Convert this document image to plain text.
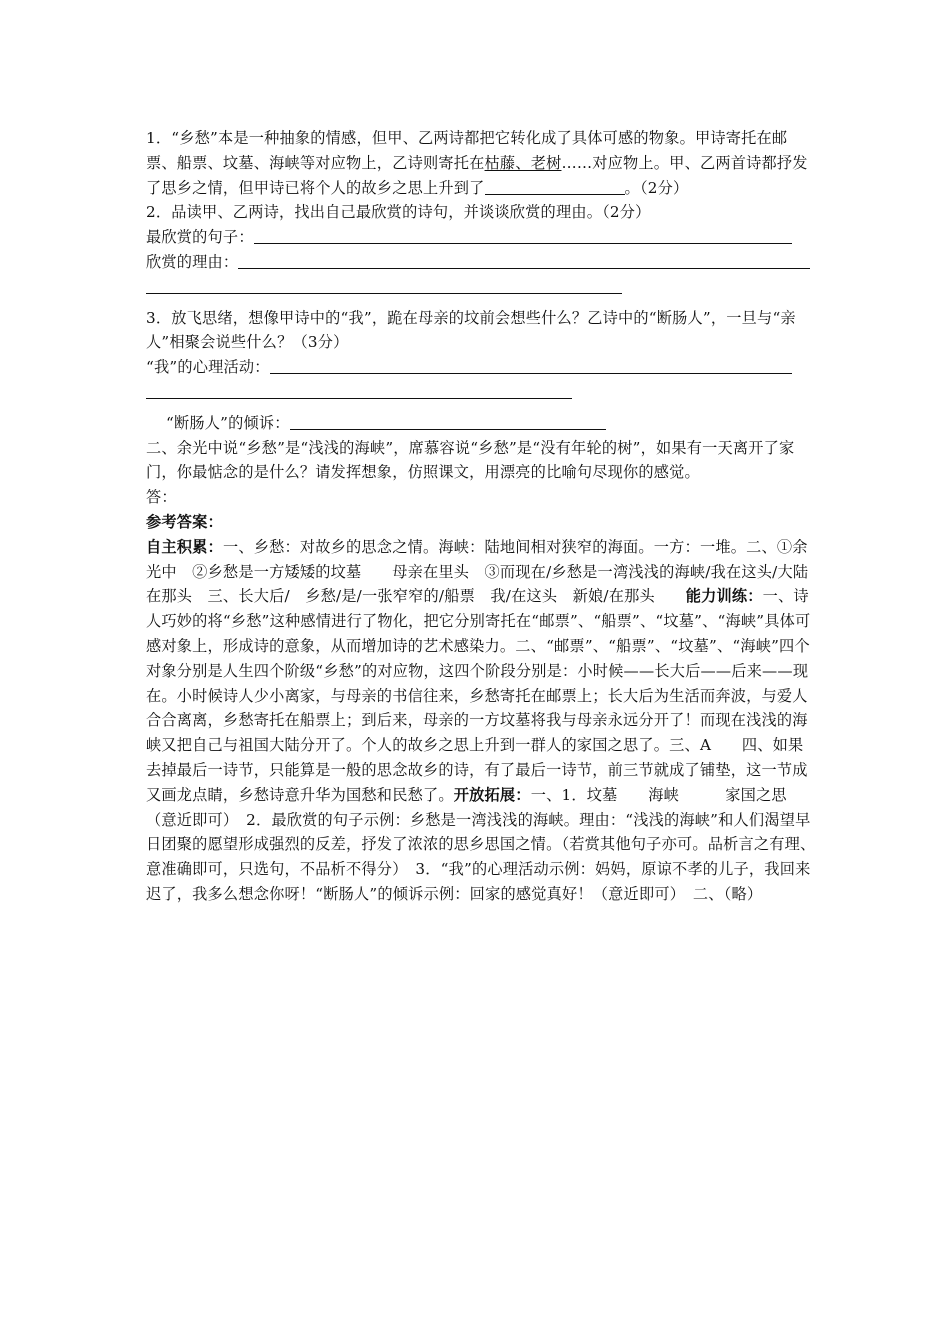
1．“乡愁”本是一种抽象的情感，但甲、乙两诗都把它转化成了具体可感的物象。甲诗寄托在邮票、船票、坟墓、海峡等对应物上，乙诗则寄托在枯藤、老树……对应物上。甲、乙两首诗都抒发了思乡之情，但甲诗已将个人的故乡之思上升到了	。（2分）
2．品读甲、乙两诗，找出自己最欣赏的诗句，并谈谈欣赏的理由。（2分）
最欣赏的句子：
欣赏的理由：
3．放飞思绪，想像甲诗中的“我”，跪在母亲的坟前会想些什么？乙诗中的“断肠人”，一旦与“亲人”相聚会说些什么？（3分）
“我”的心理活动：
“断肠人”的倾诉：
二、余光中说“乡愁”是“浅浅的海峡”，席慕容说“乡愁”是“没有年轮的树”，如果有一天离开了家门，你最惦念的是什么？请发挥想象，仿照课文，用漂亮的比喻句尽现你的感觉。
答：
参考答案：
自主积累：一、乡愁：对故乡的思念之情。海峡：陆地间相对狭窄的海面。一方：一堆。二、①余光中　②乡愁是一方矮矮的坟墓　　母亲在里头　③而现在/乡愁是一湾浅浅的海峡/我在这头/大陆在那头　三、长大后/　乡愁/是/一张窄窄的/船票　我/在这头　新娘/在那头　　能力训练：一、诗人巧妙的将“乡愁”这种感情进行了物化，把它分别寄托在“邮票”、“船票”、“坟墓”、“海峡”具体可感对象上，形成诗的意象，从而增加诗的艺术感染力。二、“邮票”、“船票”、“坟墓”、“海峡”四个对象分别是人生四个阶级“乡愁”的对应物，这四个阶段分别是：小时候——长大后——后来——现在。小时候诗人少小离家，与母亲的书信往来，乡愁寄托在邮票上；长大后为生活而奔波，与爱人合合离离，乡愁寄托在船票上；到后来，母亲的一方坟墓将我与母亲永远分开了！而现在浅浅的海峡又把自己与祖国大陆分开了。个人的故乡之思上升到一群人的家国之思了。三、A　　四、如果去掉最后一诗节，只能算是一般的思念故乡的诗，有了最后一诗节，前三节就成了铺垫，这一节成又画龙点睛，乡愁诗意升华为国愁和民愁了。开放拓展：一、1．坟墓　　海峡　　　家国之思（意近即可）　2．最欣赏的句子示例：乡愁是一湾浅浅的海峡。理由：“浅浅的海峡”和人们渴望早日团聚的愿望形成强烈的反差，抒发了浓浓的思乡思国之情。（若赏其他句子亦可。品析言之有理、意准确即可，只选句，不品析不得分）　3．“我”的心理活动示例：妈妈，原谅不孝的儿子，我回来迟了，我多么想念你呀！“断肠人”的倾诉示例：回家的感觉真好！（意近即可）　二、（略）
